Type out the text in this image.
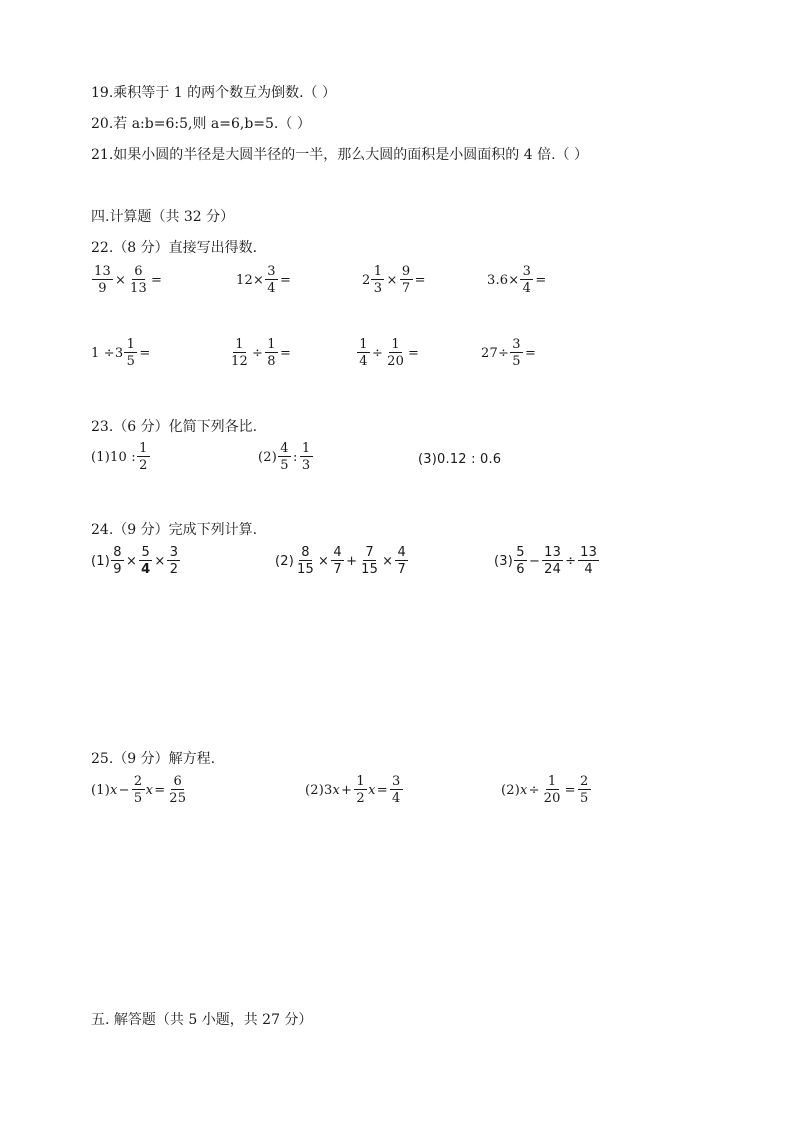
19.乘积等于 1 的两个数互为倒数.（ ）
20.若 a:b=6:5,则 a=6,b=5.（ ）
21.如果小圆的半径是大圆半径的一半，那么大圆的面积是小圆面积的 4 倍.（ ）
四.计算题（共 32 分）
22.（8 分）直接写出得数.
$\frac{13}{9} \times \frac{6}{13}$ =	$12\times \frac{3}{4}$ =	$2 \frac{1}{3} \times \frac{9}{7}$ =	$3.6\times \frac{3}{4}$ =
$1 \div 3 \frac{1}{5}$ =	$\frac{1}{12} \div \frac{1}{8}$ =	$\frac{1}{4} \div \frac{1}{20}$ =	$27\div \frac{3}{5}$ =
23.（6 分）化简下列各比.
(1)10 : $\frac{1}{2}$	$(2) \frac{4}{5}$ : $\frac{1}{3}$	(3)0.12 : 0.6
24.（9 分）完成下列计算.
$(1) \frac{8}{9} \times \frac{5}{4} \times \frac{3}{2}$	$(2) \frac{8}{15} \times \frac{4}{7} + \frac{7}{15} \times \frac{4}{7}$	$(3) \frac{5}{6} - \frac{13}{24} \div \frac{13}{4}$
25.（9 分）解方程.
(1) $x - \frac{2}{5}$ $x = \frac{6}{25}$	(2)3 $x + \frac{1}{2}$ $x = \frac{3}{4}$	(2) $x \div \frac{1}{20} = \frac{2}{5}$
五. 解答题（共 5 小题，共 27 分）
